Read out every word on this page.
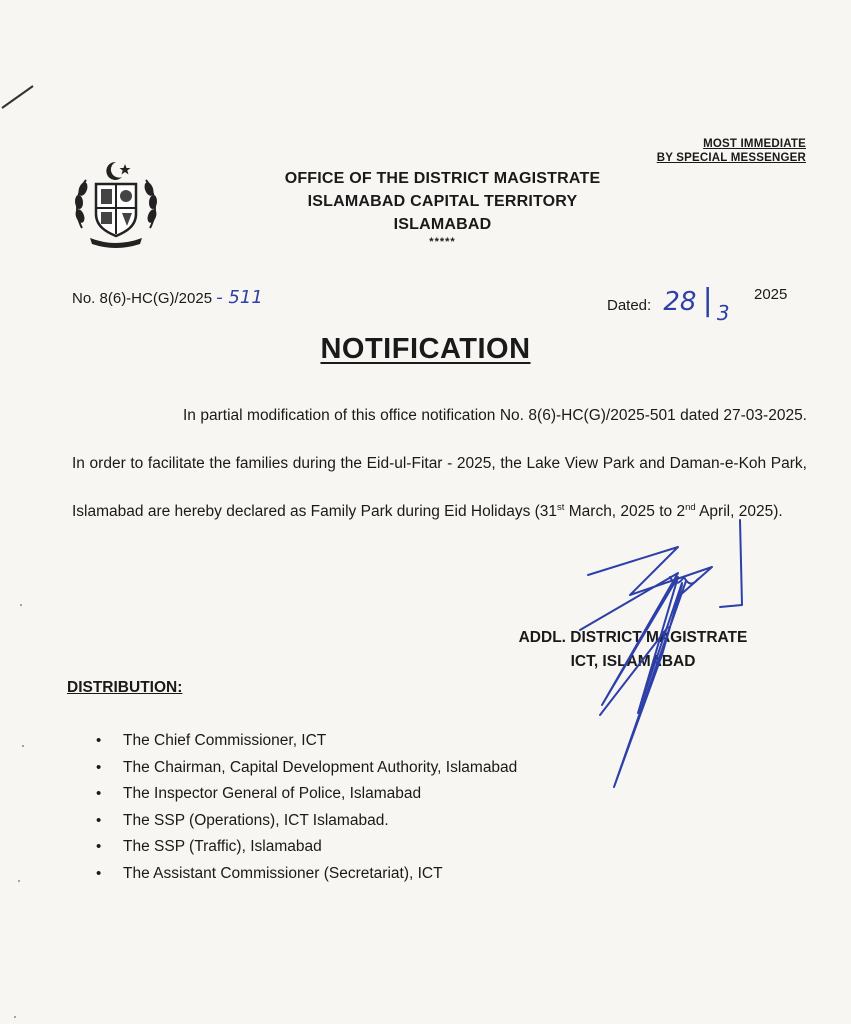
MOST IMMEDIATE
BY SPECIAL MESSENGER
OFFICE OF THE DISTRICT MAGISTRATE
ISLAMABAD CAPITAL TERRITORY
ISLAMABAD
*****
No. 8(6)-HC(G)/2025 - 511	Dated: 28 | 3
2025
NOTIFICATION
In partial modification of this office notification No. 8(6)-HC(G)/2025-501 dated 27-03-2025. In order to facilitate the families during the Eid-ul-Fitar - 2025, the Lake View Park and Daman-e-Koh Park, Islamabad are hereby declared as Family Park during Eid Holidays (31st March, 2025 to 2nd April, 2025).
ADDL. DISTRICT MAGISTRATE
ICT, ISLAMABAD
DISTRIBUTION:
• The Chief Commissioner, ICT
• The Chairman, Capital Development Authority, Islamabad
• The Inspector General of Police, Islamabad
• The SSP (Operations), ICT Islamabad.
• The SSP (Traffic), Islamabad
• The Assistant Commissioner (Secretariat), ICT
